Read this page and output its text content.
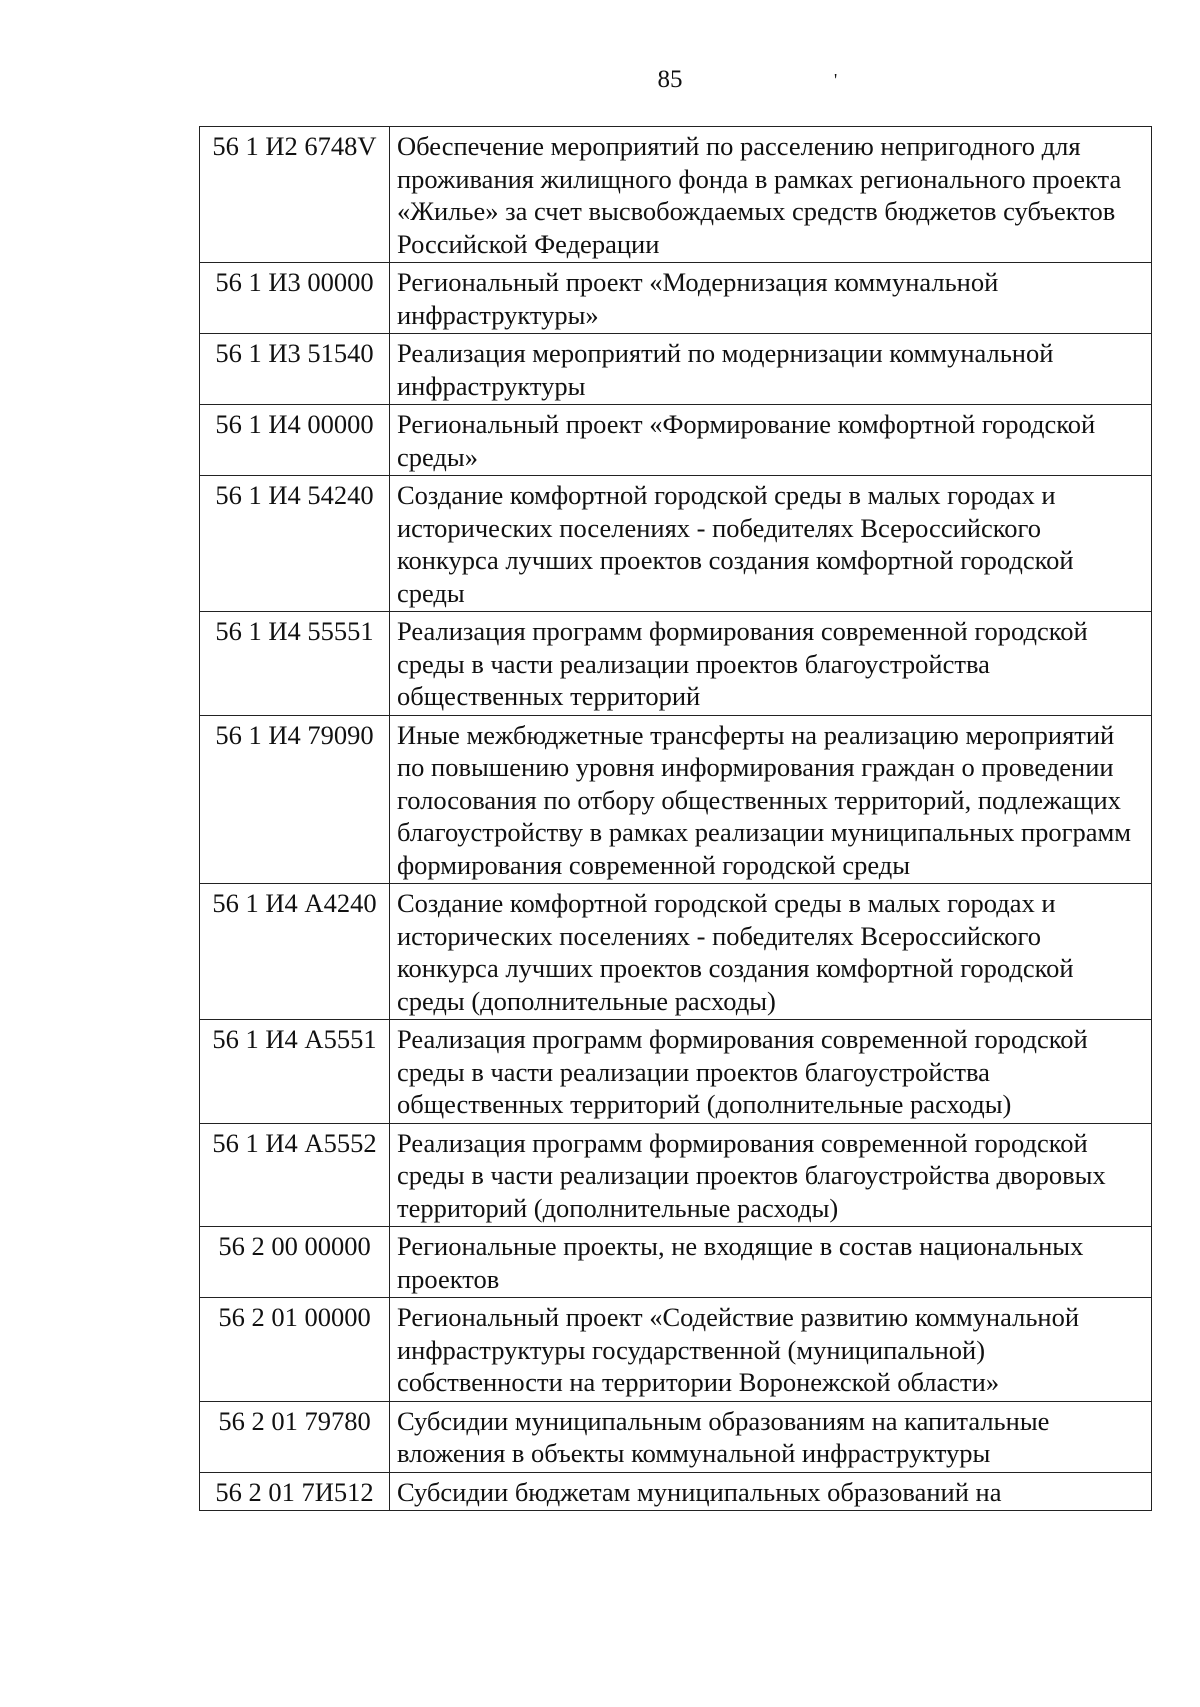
85	'
56 1 И2 6748V	Обеспечение мероприятий по расселению непригодного для проживания жилищного фонда в рамках регионального проекта «Жилье» за счет высвобождаемых средств бюджетов субъектов Российской Федерации
56 1 И3 00000	Региональный проект «Модернизация коммунальной инфраструктуры»
56 1 И3 51540	Реализация мероприятий по модернизации коммунальной инфраструктуры
56 1 И4 00000	Региональный проект «Формирование комфортной городской среды»
56 1 И4 54240	Создание комфортной городской среды в малых городах и исторических поселениях - победителях Всероссийского конкурса лучших проектов создания комфортной городской среды
56 1 И4 55551	Реализация программ формирования современной городской среды в части реализации проектов благоустройства общественных территорий
56 1 И4 79090	Иные межбюджетные трансферты на реализацию мероприятий по повышению уровня информирования граждан о проведении голосования по отбору общественных территорий, подлежащих благоустройству в рамках реализации муниципальных программ формирования современной городской среды
56 1 И4 А4240	Создание комфортной городской среды в малых городах и исторических поселениях - победителях Всероссийского конкурса лучших проектов создания комфортной городской среды (дополнительные расходы)
56 1 И4 А5551	Реализация программ формирования современной городской среды в части реализации проектов благоустройства общественных территорий (дополнительные расходы)
56 1 И4 А5552	Реализация программ формирования современной городской среды в части реализации проектов благоустройства дворовых территорий (дополнительные расходы)
56 2 00 00000	Региональные проекты, не входящие в состав национальных проектов
56 2 01 00000	Региональный проект «Содействие развитию коммунальной инфраструктуры государственной (муниципальной) собственности на территории Воронежской области»
56 2 01 79780	Субсидии муниципальным образованиям на капитальные вложения в объекты коммунальной инфраструктуры
56 2 01 7И512	Субсидии бюджетам муниципальных образований на
